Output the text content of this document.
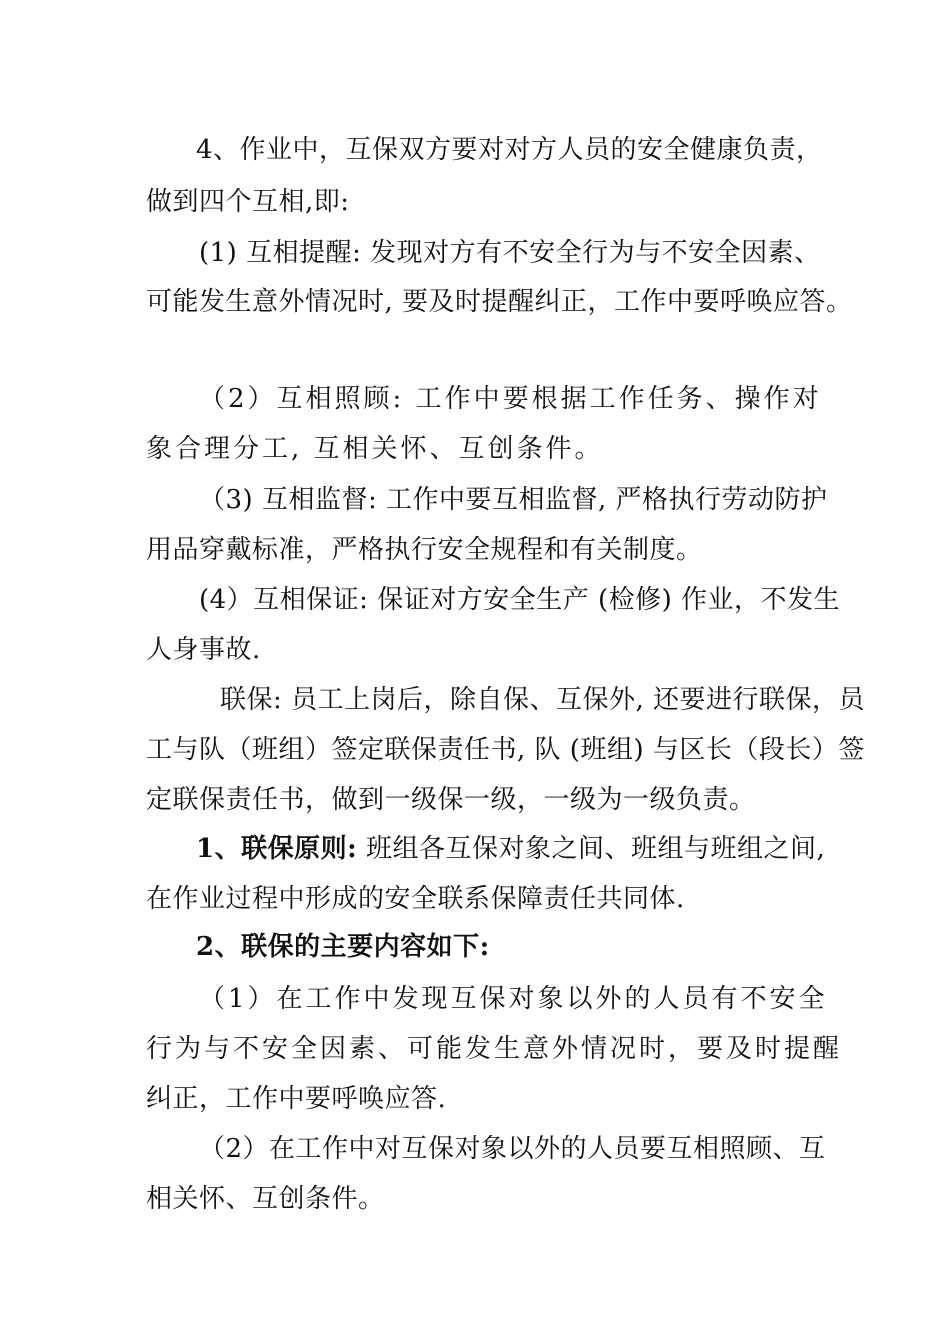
4、作业中，互保双方要对对方人员的安全健康负责，
做到四个互相,即:
(1) 互相提醒: 发现对方有不安全行为与不安全因素、
可能发生意外情况时, 要及时提醒纠正，工作中要呼唤应答。
（2）互相照顾: 工作中要根据工作任务、操作对
象合理分工, 互相关怀、互创条件。
（3) 互相监督: 工作中要互相监督, 严格执行劳动防护
用品穿戴标准，严格执行安全规程和有关制度。
(4）互相保证: 保证对方安全生产 (检修) 作业，不发生
人身事故.
联保: 员工上岗后，除自保、互保外, 还要进行联保，员
工与队（班组）签定联保责任书, 队 (班组) 与区长（段长）签
定联保责任书，做到一级保一级，一级为一级负责。
1、联保原则: 班组各互保对象之间、班组与班组之间,
在作业过程中形成的安全联系保障责任共同体.
2、联保的主要内容如下:
（1）在工作中发现互保对象以外的人员有不安全
行为与不安全因素、可能发生意外情况时，要及时提醒
纠正，工作中要呼唤应答.
（2）在工作中对互保对象以外的人员要互相照顾、互
相关怀、互创条件。
